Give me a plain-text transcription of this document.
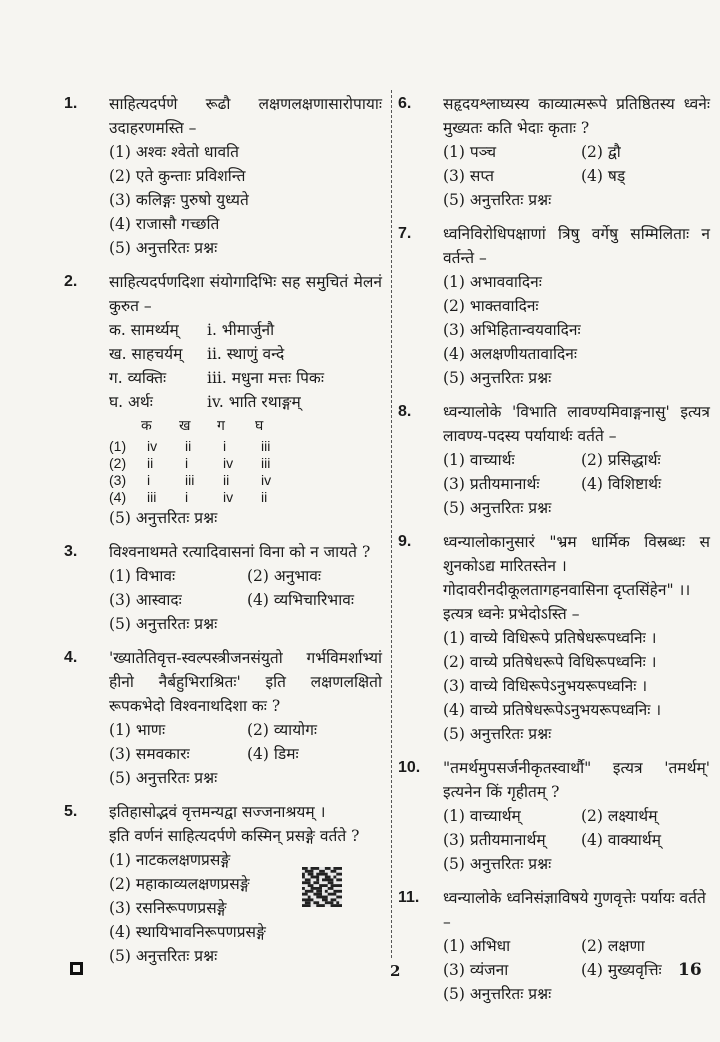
1. साहित्यदर्पणे रूढौ लक्षणलक्षणासारोपायाः उदाहरणमस्ति –
(1) अश्वः श्वेतो धावति
(2) एते कुन्ताः प्रविशन्ति
(3) कलिङ्गः पुरुषो युध्यते
(4) राजासौ गच्छति
(5) अनुत्तरितः प्रश्नः
2. साहित्यदर्पणदिशा संयोगादिभिः सह समुचितं मेलनं कुरुत –
क. सामर्थ्यम्	i. भीमार्जुनौ
ख. साहचर्यम्	ii. स्थाणुं वन्दे
ग. व्यक्तिः	iii. मधुना मत्तः पिकः
घ. अर्थः	iv. भाति रथाङ्गम्
क	ख	ग	घ
(1)	iv	ii	i	iii
(2)	ii	i	iv	iii
(3)	i	iii	ii	iv
(4)	iii	i	iv	ii
(5) अनुत्तरितः प्रश्नः
3. विश्वनाथमते रत्यादिवासनां विना को न जायते ?
(1) विभावः	(2) अनुभावः
(3) आस्वादः	(4) व्यभिचारिभावः
(5) अनुत्तरितः प्रश्नः
4. 'ख्यातेतिवृत्त-स्वल्पस्त्रीजनसंयुतो गर्भविमर्शाभ्यां हीनो नैर्बहुभिराश्रितः' इति लक्षणलक्षितो रूपकभेदो विश्वनाथदिशा कः ?
(1) भाणः	(2) व्यायोगः
(3) समवकारः	(4) डिमः
(5) अनुत्तरितः प्रश्नः
5. इतिहासोद्भवं वृत्तमन्यद्वा सज्जनाश्रयम् ।
इति वर्णनं साहित्यदर्पणे कस्मिन् प्रसङ्गे वर्तते ?
(1) नाटकलक्षणप्रसङ्गे
(2) महाकाव्यलक्षणप्रसङ्गे
(3) रसनिरूपणप्रसङ्गे
(4) स्थायिभावनिरूपणप्रसङ्गे
(5) अनुत्तरितः प्रश्नः
6. सहृदयश्लाघ्यस्य काव्यात्मरूपे प्रतिष्ठितस्य ध्वनेः मुख्यतः कति भेदाः कृताः ?
(1) पञ्च	(2) द्वौ
(3) सप्त	(4) षड्
(5) अनुत्तरितः प्रश्नः
7. ध्वनिविरोधिपक्षाणां त्रिषु वर्गेषु सम्मिलिताः न वर्तन्ते –
(1) अभाववादिनः
(2) भाक्तवादिनः
(3) अभिहितान्वयवादिनः
(4) अलक्षणीयतावादिनः
(5) अनुत्तरितः प्रश्नः
8. ध्वन्यालोके 'विभाति लावण्यमिवाङ्गनासु' इत्यत्र लावण्य-पदस्य पर्यायार्थः वर्तते –
(1) वाच्यार्थः	(2) प्रसिद्धार्थः
(3) प्रतीयमानार्थः	(4) विशिष्टार्थः
(5) अनुत्तरितः प्रश्नः
9. ध्वन्यालोकानुसारं "भ्रम धार्मिक विस्रब्धः स शुनकोऽद्य मारितस्तेन ।
गोदावरीनदीकूलतागहनवासिना दृप्तसिंहेन" ।।
इत्यत्र ध्वनेः प्रभेदोऽस्ति –
(1) वाच्ये विधिरूपे प्रतिषेधरूपध्वनिः ।
(2) वाच्ये प्रतिषेधरूपे विधिरूपध्वनिः ।
(3) वाच्ये विधिरूपेऽनुभयरूपध्वनिः ।
(4) वाच्ये प्रतिषेधरूपेऽनुभयरूपध्वनिः ।
(5) अनुत्तरितः प्रश्नः
10. "तमर्थमुपसर्जनीकृतस्वार्थौ" इत्यत्र 'तमर्थम्' इत्यनेन किं गृहीतम् ?
(1) वाच्यार्थम्	(2) लक्ष्यार्थम्
(3) प्रतीयमानार्थम्	(4) वाक्यार्थम्
(5) अनुत्तरितः प्रश्नः
11. ध्वन्यालोके ध्वनिसंज्ञाविषये गुणवृत्तेः पर्यायः वर्तते –
(1) अभिधा	(2) लक्षणा
(3) व्यंजना	(4) मुख्यवृत्तिः
(5) अनुत्तरितः प्रश्नः
2	16
